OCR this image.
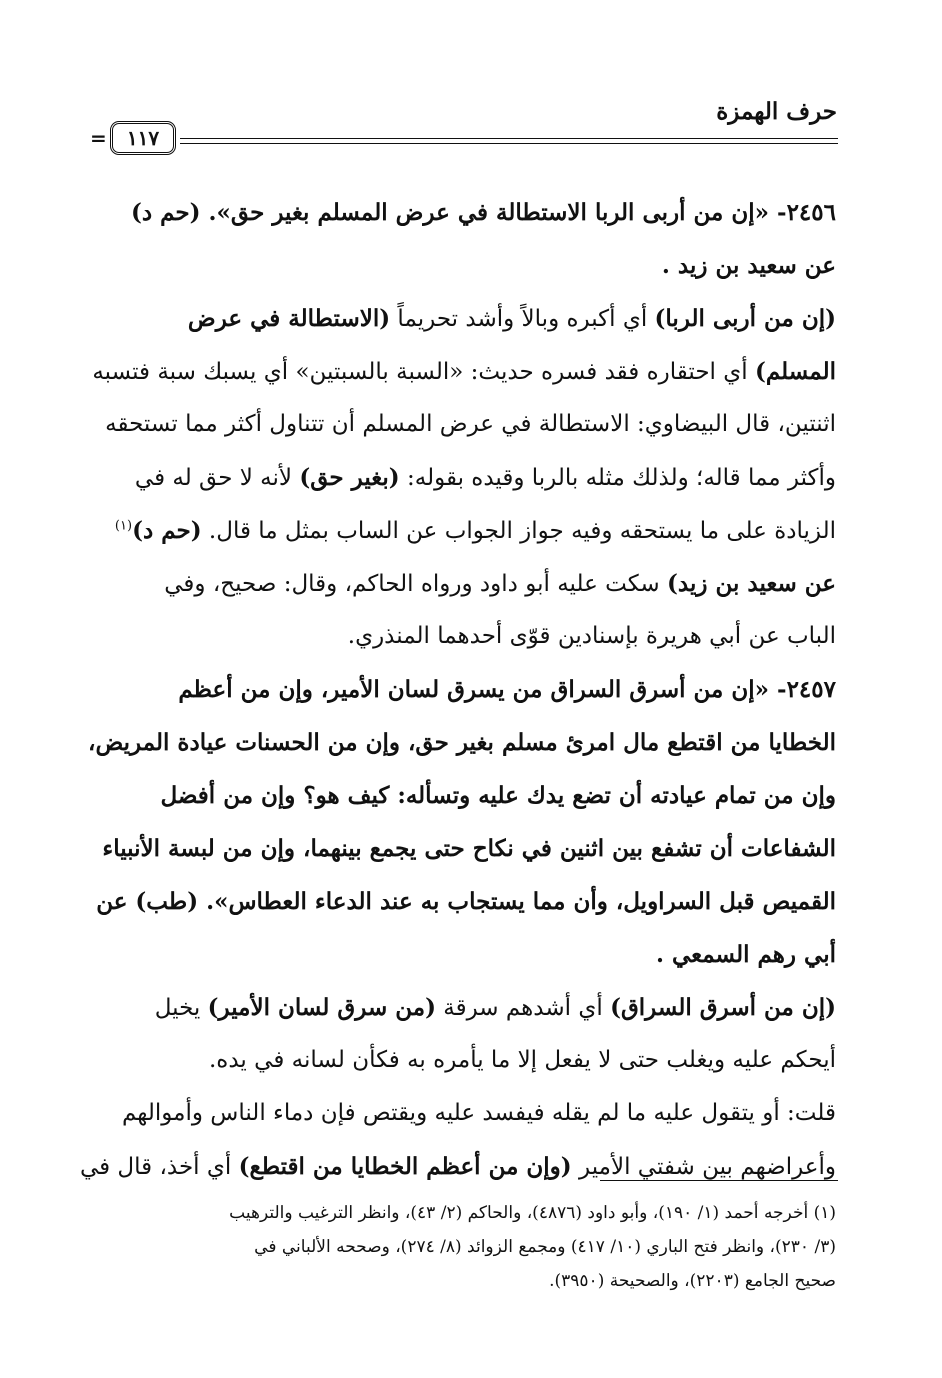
حرف الهمزة
= ١١٧
٢٤٥٦- «إن من أربى الربا الاستطالة في عرض المسلم بغير حق». (حم د)
عن سعيد بن زيد .
(إن من أربى الربا) أي أكبره وبالاً وأشد تحريماً (الاستطالة في عرض
المسلم) أي احتقاره فقد فسره حديث: «السبة بالسبتين» أي يسبك سبة فتسبه
اثنتين، قال البيضاوي: الاستطالة في عرض المسلم أن تتناول أكثر مما تستحقه
وأكثر مما قاله؛ ولذلك مثله بالربا وقيده بقوله: (بغير حق) لأنه لا حق له في
الزيادة على ما يستحقه وفيه جواز الجواب عن الساب بمثل ما قال. (حم د)$^{(١)}$
عن سعيد بن زيد) سكت عليه أبو داود ورواه الحاكم، وقال: صحيح، وفي
الباب عن أبي هريرة بإسنادين قوّى أحدهما المنذري.
٢٤٥٧- «إن من أسرق السراق من يسرق لسان الأمير، وإن من أعظم
الخطايا من اقتطع مال امرئ مسلم بغير حق، وإن من الحسنات عيادة المريض،
وإن من تمام عيادته أن تضع يدك عليه وتسأله: كيف هو؟ وإن من أفضل
الشفاعات أن تشفع بين اثنين في نكاح حتى يجمع بينهما، وإن من لبسة الأنبياء
القميص قبل السراويل، وأن مما يستجاب به عند الدعاء العطاس». (طب) عن
أبي رهم السمعي .
(إن من أسرق السراق) أي أشدهم سرقة (من سرق لسان الأمير) يخيل
أيحكم عليه ويغلب حتى لا يفعل إلا ما يأمره به فكأن لسانه في يده.
قلت: أو يتقول عليه ما لم يقله فيفسد عليه ويقتص فإن دماء الناس وأموالهم
وأعراضهم بين شفتي الأمير (وإن من أعظم الخطايا من اقتطع) أي أخذ، قال في
(١) أخرجه أحمد (١/ ١٩٠)، وأبو داود (٤٨٧٦)، والحاكم (٢/ ٤٣)، وانظر الترغيب والترهيب
(٣/ ٢٣٠)، وانظر فتح الباري (١٠/ ٤١٧) ومجمع الزوائد (٨/ ٢٧٤)، وصححه الألباني في
صحيح الجامع (٢٢٠٣)، والصحيحة (٣٩٥٠).
